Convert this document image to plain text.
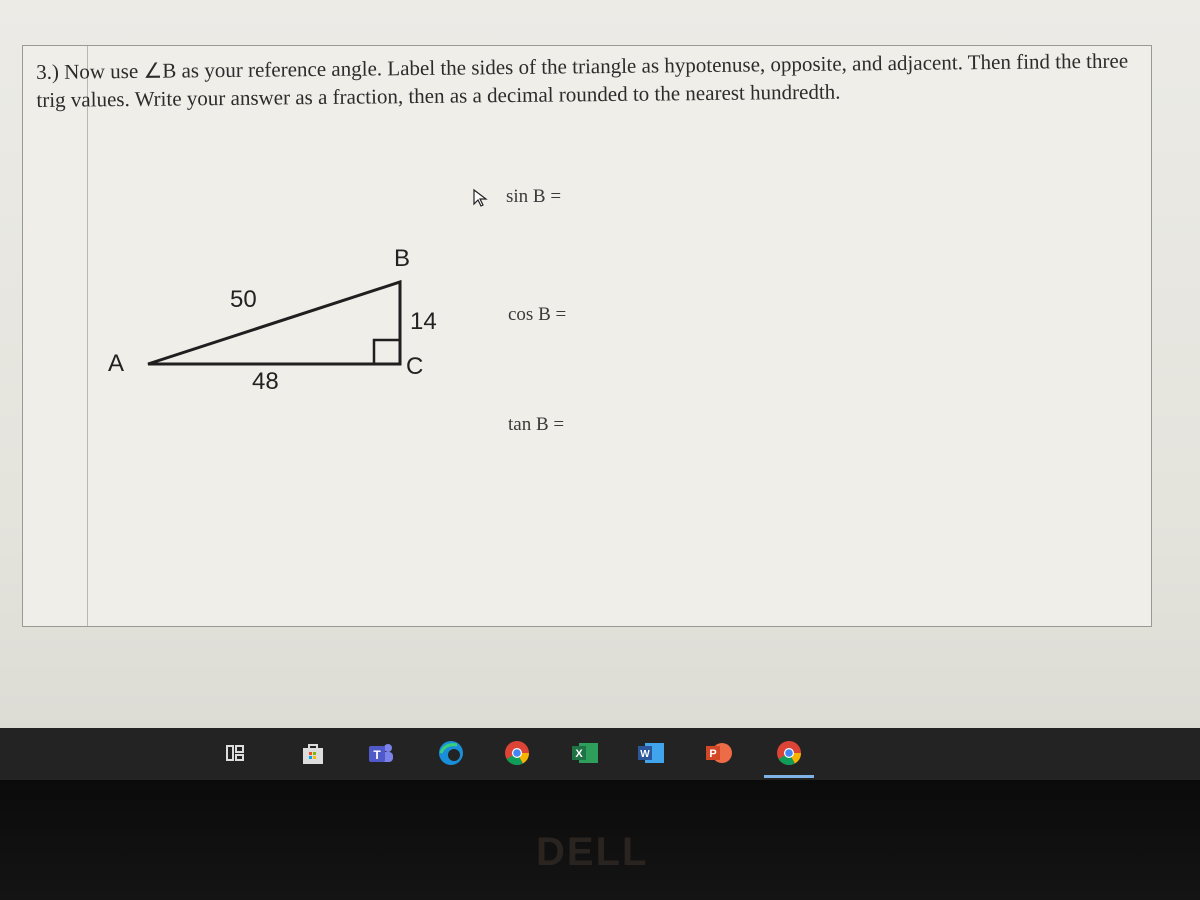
3.) Now use ∠B as your reference angle. Label the sides of the triangle as hypotenuse, opposite, and adjacent. Then find the three trig values. Write your answer as a fraction, then as a decimal rounded to the nearest hundredth.
sin B =
cos B =
tan B =
A
B
C
50
14
48
T	X	W	P
DELL
